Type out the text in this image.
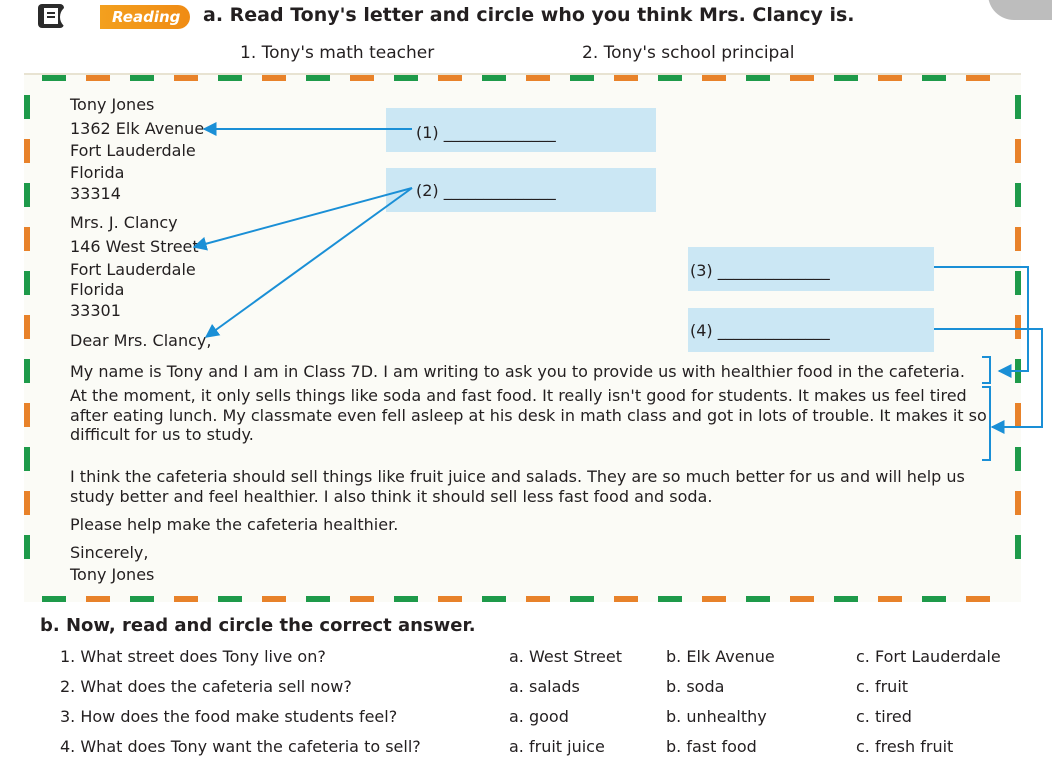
Reading	a. Read Tony's letter and circle who you think Mrs. Clancy is.
1. Tony's math teacher	2. Tony's school principal
(1) ______________
(2) ______________
(3) ______________
(4) ______________
Tony Jones
1362 Elk Avenue
Fort Lauderdale
Florida
33314
Mrs. J. Clancy
146 West Street
Fort Lauderdale
Florida
33301
Dear Mrs. Clancy,
My name is Tony and I am in Class 7D. I am writing to ask you to provide us with healthier food in the cafeteria.
At the moment, it only sells things like soda and fast food. It really isn't good for students. It makes us feel tired after eating lunch. My classmate even fell asleep at his desk in math class and got in lots of trouble. It makes it so difficult for us to study.
I think the cafeteria should sell things like fruit juice and salads. They are so much better for us and will help us study better and feel healthier. I also think it should sell less fast food and soda.
Please help make the cafeteria healthier.
Sincerely,
Tony Jones
b. Now, read and circle the correct answer.
1. What street does Tony live on?	a. West Street	b. Elk Avenue	c. Fort Lauderdale
2. What does the cafeteria sell now?	a. salads	b. soda	c. fruit
3. How does the food make students feel?	a. good	b. unhealthy	c. tired
4. What does Tony want the cafeteria to sell?	a. fruit juice	b. fast food	c. fresh fruit
